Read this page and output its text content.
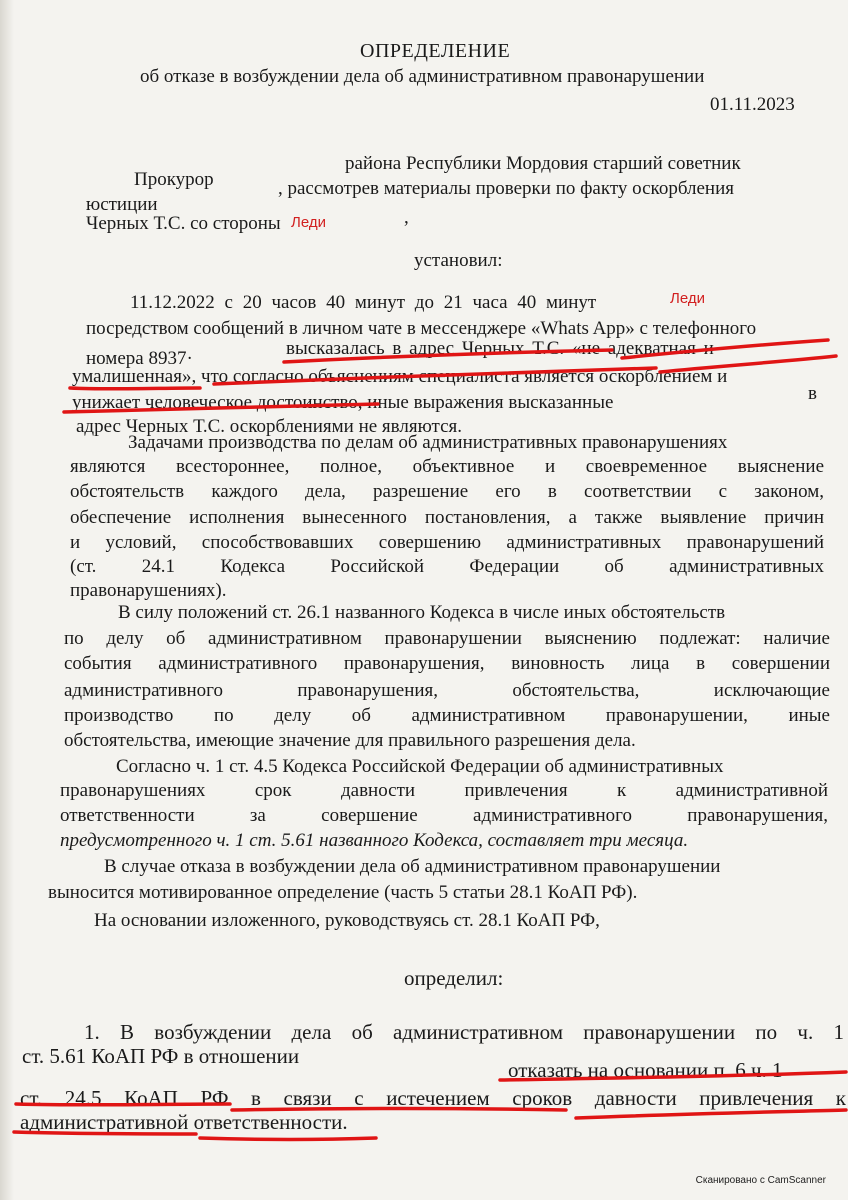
ОПРЕДЕЛЕНИЕ
об отказе в возбуждении дела об административном правонарушении
01.11.2023
Прокурор
района Республики Мордовия старший советник
юстиции
, рассмотрев материалы проверки по факту оскорбления
Черных Т.С. со стороны Леди	,
установил:
11.12.2022 с 20 часов 40 минут до 21 часа 40 минут	Леди
посредством сообщений в личном чате в мессенджере «Whats App» с телефонного
номера 8937·	высказалась в адрес Черных Т.С. «не адекватная и
умалишенная», что согласно объяснениям специалиста является оскорблением и
унижает человеческое достоинство, иные выражения высказанные	в
адрес Черных Т.С. оскорблениями не являются.
Задачами производства по делам об административных правонарушениях
являются всестороннее, полное, объективное и своевременное выяснение
обстоятельств каждого дела, разрешение его в соответствии с законом,
обеспечение исполнения вынесенного постановления, а также выявление причин
и условий, способствовавших совершению административных правонарушений
(ст. 24.1 Кодекса Российской Федерации об административных
правонарушениях).
В силу положений ст. 26.1 названного Кодекса в числе иных обстоятельств
по делу об административном правонарушении выяснению подлежат: наличие
события административного правонарушения, виновность лица в совершении
административного правонарушения, обстоятельства, исключающие
производство по делу об административном правонарушении, иные
обстоятельства, имеющие значение для правильного разрешения дела.
Согласно ч. 1 ст. 4.5 Кодекса Российской Федерации об административных
правонарушениях срок давности привлечения к административной
ответственности за совершение административного правонарушения,
предусмотренного ч. 1 ст. 5.61 названного Кодекса, составляет три месяца.
В случае отказа в возбуждении дела об административном правонарушении
выносится мотивированное определение (часть 5 статьи 28.1 КоАП РФ).
На основании изложенного, руководствуясь ст. 28.1 КоАП РФ,
определил:
1. В возбуждении дела об административном правонарушении по ч. 1
ст. 5.61 КоАП РФ в отношении
отказать на основании п. 6 ч. 1
ст. 24.5 КоАП РФ в связи с истечением сроков давности привлечения к
административной ответственности.
Сканировано с CamScanner
